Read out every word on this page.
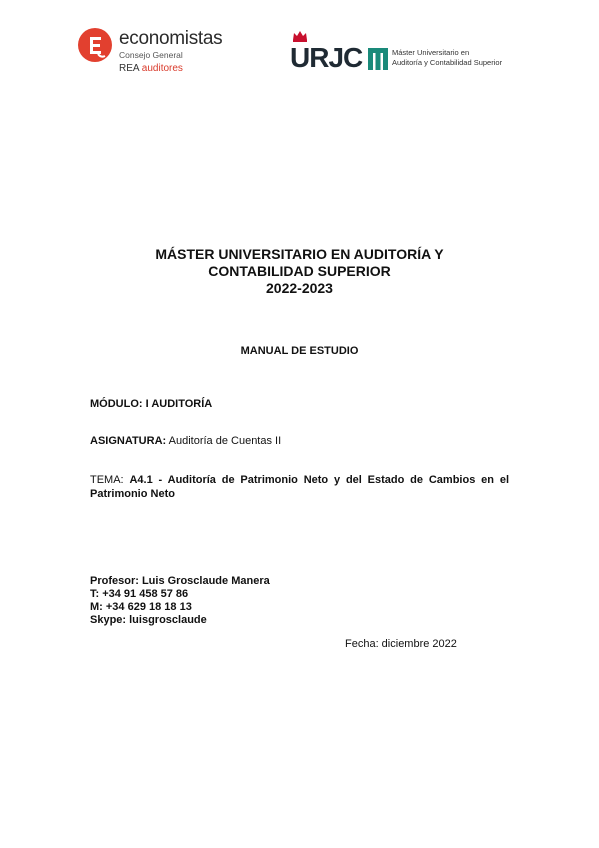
economistas
Consejo General
REA auditores	URJC	Máster Universitario en
Auditoría y Contabilidad Superior
MÁSTER UNIVERSITARIO EN AUDITORÍA Y
CONTABILIDAD SUPERIOR
2022-2023
MANUAL DE ESTUDIO
MÓDULO: I AUDITORÍA
ASIGNATURA: Auditoría de Cuentas II
TEMA: A4.1 - Auditoría de Patrimonio Neto y del Estado de Cambios en el Patrimonio Neto
Profesor: Luis Grosclaude Manera
T: +34 91 458 57 86
M: +34 629 18 18 13
Skype: luisgrosclaude
Fecha: diciembre 2022
